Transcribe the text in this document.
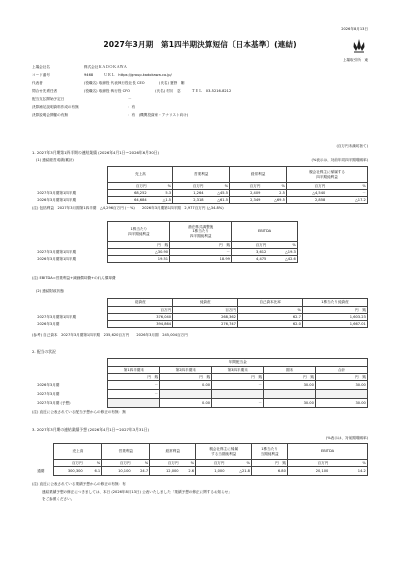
2026年8月13日
2027年3月期　第1四半期決算短信〔日本基準〕(連結)
上場取引所　東
上場会社名	株式会社ＫＡＤＯＫＡＷＡ
コード番号	9468　　　ＵＲＬ　https://group.kadokawa.co.jp/
代表者	(役職名) 取締役 代表執行役社長 CEO　　　　(氏名) 夏野　剛
問合せ先責任者	(役職名) 取締役 執行役 CFO　　　　　　　(氏名) 村川　忍　　　ＴＥＬ　03-5216-8212
配当支払開始予定日	－
決算補足説明資料作成の有無	：有
決算説明会開催の有無	：有　(機関投資家・アナリスト向け)
(百万円未満切捨て)
1. 2027年3月期第1四半期の連結業績 (2026年4月1日～2026年6月30日)
(1) 連結経営成績(累計)	(%表示は、対前年同四半期増減率)
	売上高		営業利益		経常利益		親会社株主に帰属する
四半期純利益	
	百万円	%	百万円	%	百万円	%	百万円	%
2027年3月期第1四半期	68,252	5.3	1,264	△45.5	2,409	2.5	△4,540	－
2026年3月期第1四半期	64,684	△1.5	2,318	△61.5	2,349	△69.5	2,858	△17.2
(注) 包括利益　2027年3月期第1四半期　△4,296百万円 (－%)　　2026年3月期第1四半期　2,977百万円 (△34.8%)
	1株当たり
四半期純利益	潜在株式調整後
1株当たり
四半期純利益	EBITDA	
	円　銭	円　銭	百万円	%
2027年3月期第1四半期	△30.90	－	3,612	△19.3
2026年3月期第1四半期	19.51	18.99	4,475	△42.6
(注) EBITDA=営業利益+減価償却費+のれん償却費
(2) 連結財政状態
	総資産	純資産	自己資本比率	1株当たり純資産
	百万円	百万円	%	円　銭
2027年3月期第1四半期	376,040	268,362	62.7	1,603.23
2026年3月期	394,864	276,747	62.0	1,667.01
(参考) 自己資本　2027年3月期第1四半期　235,620百万円　　2026年3月期　245,004百万円
2. 配当の状況
	年間配当金				
	第1四半期末	第2四半期末	第3四半期末	期末	合計
	円　銭	円　銭	円　銭	円　銭	円　銭
2026年3月期	－	0.00	－	30.00	30.00
2027年3月期	－				
2027年3月期 (予想)		0.00	－	30.00	30.00
(注) 直近に公表されている配当予想からの修正の有無：無
3. 2027年3月期の連結業績予想 (2026年4月1日～2027年3月31日)
(%表示は、対前期増減率)
	売上高		営業利益		経常利益		親会社株主に帰属
する当期純利益		1株当たり
当期純利益	EBITDA	
	百万円	%	百万円	%	百万円	%	百万円	%	円　銭	百万円	%
通期	300,300	6.1	10,100	24.7	12,000	2.6	1,000	△21.8	6.80	20,100	14.2
(注) 直近に公表されている業績予想からの修正の有無：有
連結業績予想の修正につきましては、本日 (2026年8月13日) 公表いたしました「業績予想の修正に関するお知らせ」
をご参照ください。
